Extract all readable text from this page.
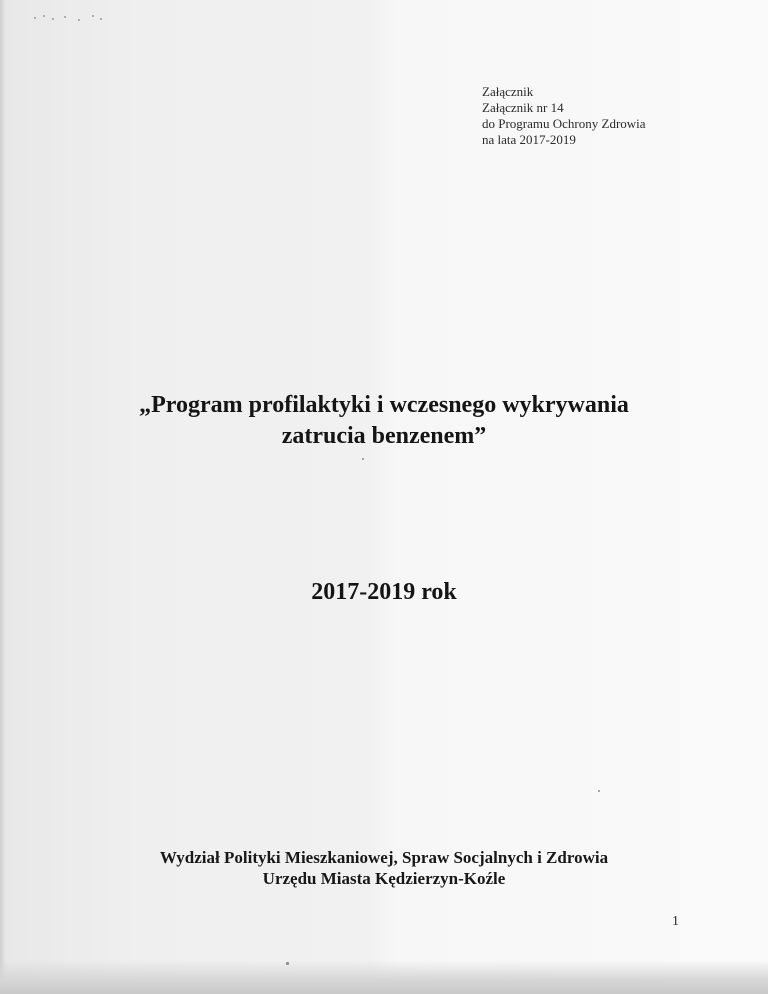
Załącznik
Załącznik nr 14
do Programu Ochrony Zdrowia
na lata 2017-2019
„Program profilaktyki i wczesnego wykrywania
zatrucia benzenem”
2017-2019 rok
Wydział Polityki Mieszkaniowej, Spraw Socjalnych i Zdrowia
Urzędu Miasta Kędzierzyn-Koźle
1
